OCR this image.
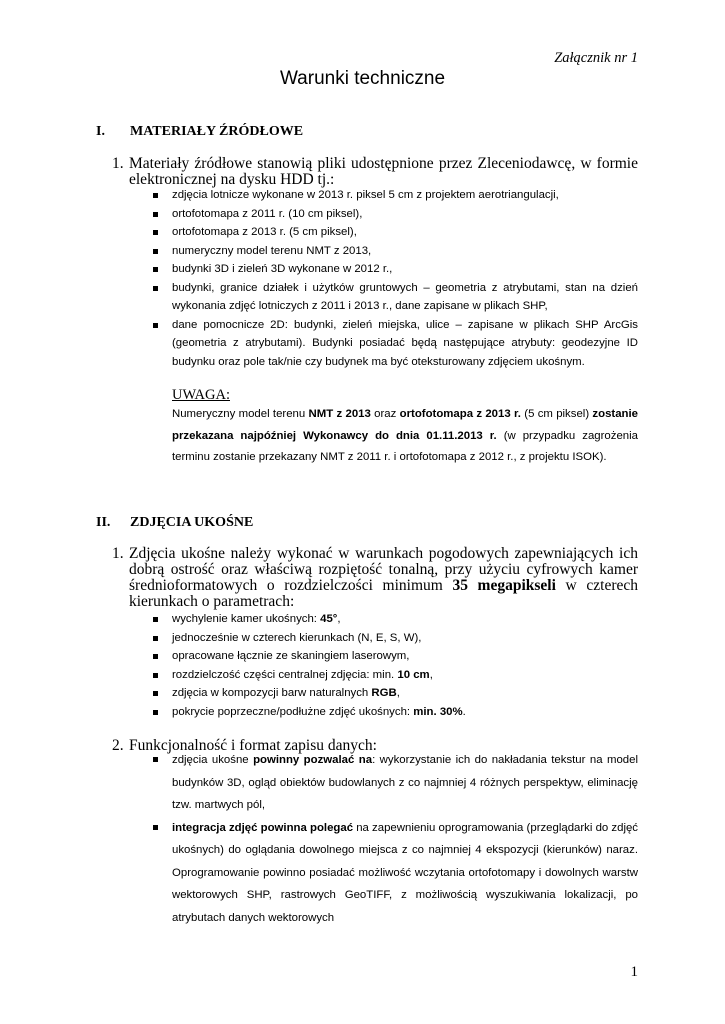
Załącznik nr 1
Warunki techniczne
I. MATERIAŁY ŹRÓDŁOWE
1. Materiały źródłowe stanowią pliki udostępnione przez Zleceniodawcę, w formie elektronicznej na dysku HDD tj.:
zdjęcia lotnicze wykonane w 2013 r. piksel 5 cm z projektem aerotriangulacji,
ortofotomapa z 2011 r. (10 cm piksel),
ortofotomapa z 2013 r. (5 cm piksel),
numeryczny model terenu NMT z 2013,
budynki 3D i zieleń 3D wykonane w 2012 r.,
budynki, granice działek i użytków gruntowych – geometria z atrybutami, stan na dzień wykonania zdjęć lotniczych z 2011 i 2013 r., dane zapisane w plikach SHP,
dane pomocnicze 2D: budynki, zieleń miejska, ulice – zapisane w plikach SHP ArcGis (geometria z atrybutami). Budynki posiadać będą następujące atrybuty: geodezyjne ID budynku oraz pole tak/nie czy budynek ma być oteksturowany zdjęciem ukośnym.
UWAGA:
Numeryczny model terenu NMT z 2013 oraz ortofotomapa z 2013 r. (5 cm piksel) zostanie przekazana najpóźniej Wykonawcy do dnia 01.11.2013 r. (w przypadku zagrożenia terminu zostanie przekazany NMT z 2011 r. i ortofotomapa z 2012 r., z projektu ISOK).
II. ZDJĘCIA UKOŚNE
1. Zdjęcia ukośne należy wykonać w warunkach pogodowych zapewniających ich dobrą ostrość oraz właściwą rozpiętość tonalną, przy użyciu cyfrowych kamer średnioformatowych o rozdzielczości minimum 35 megapikseli w czterech kierunkach o parametrach:
wychylenie kamer ukośnych: 45°,
jednocześnie w czterech kierunkach (N, E, S, W),
opracowane łącznie ze skaningiem laserowym,
rozdzielczość części centralnej zdjęcia: min. 10 cm,
zdjęcia w kompozycji barw naturalnych RGB,
pokrycie poprzeczne/podłużne zdjęć ukośnych: min. 30%.
2. Funkcjonalność i format zapisu danych:
zdjęcia ukośne powinny pozwalać na: wykorzystanie ich do nakładania tekstur na model budynków 3D, ogląd obiektów budowlanych z co najmniej 4 różnych perspektyw, eliminację tzw. martwych pól,
integracja zdjęć powinna polegać na zapewnieniu oprogramowania (przeglądarki do zdjęć ukośnych) do oglądania dowolnego miejsca z co najmniej 4 ekspozycji (kierunków) naraz. Oprogramowanie powinno posiadać możliwość wczytania ortofotomapy i dowolnych warstw wektorowych SHP, rastrowych GeoTIFF, z możliwością wyszukiwania lokalizacji, po atrybutach danych wektorowych
1
